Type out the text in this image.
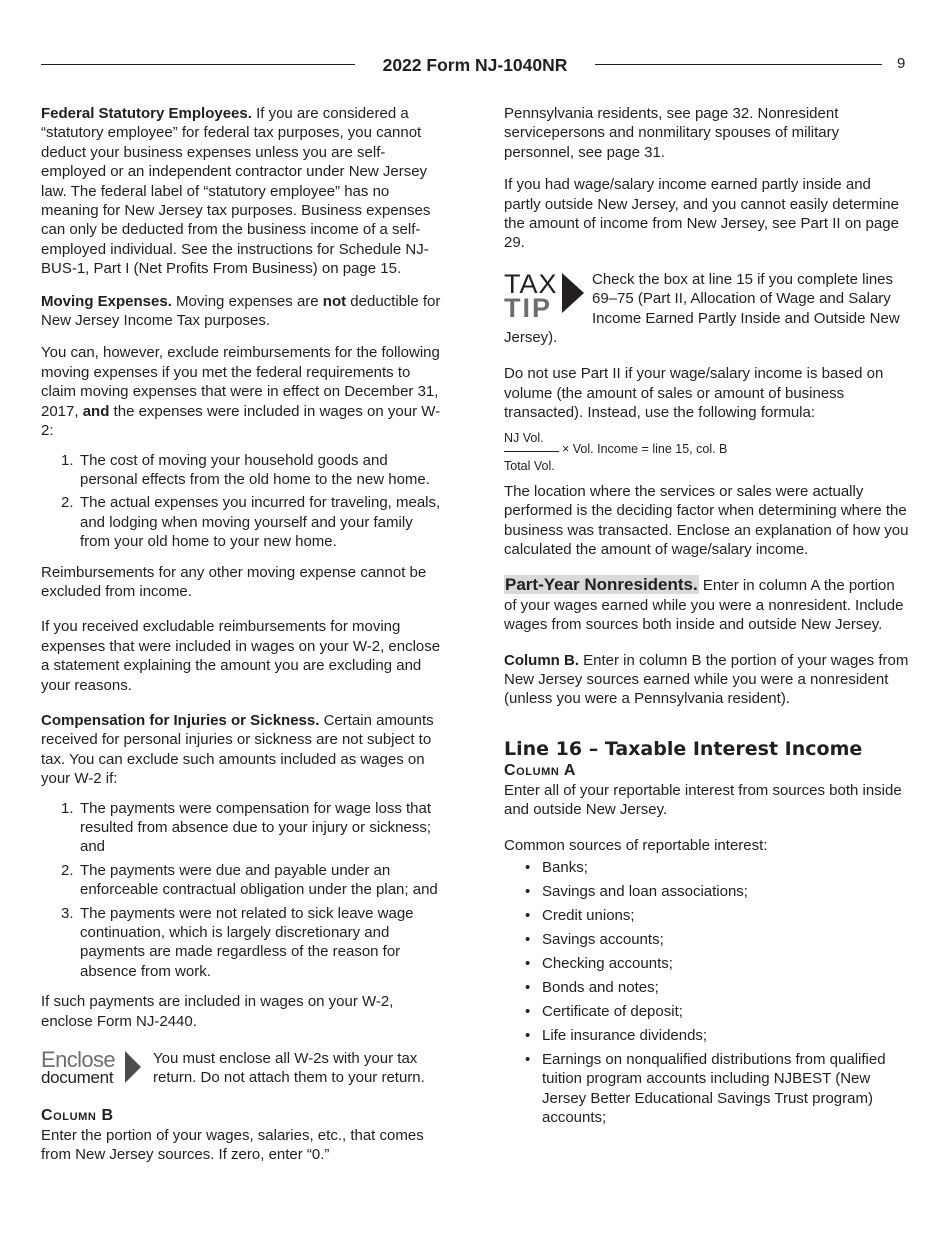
2022 Form NJ-1040NR	9

Federal Statutory Employees. If you are considered a “statutory employee” for federal tax purposes, you cannot deduct your business expenses unless you are self-employed or an independent contractor under New Jersey law. The federal label of “statutory employee” has no meaning for New Jersey tax purposes. Business expenses can only be deducted from the business income of a self-employed individual. See the instructions for Schedule NJ-BUS-1, Part I (Net Profits From Business) on page 15.

Moving Expenses. Moving expenses are not deductible for New Jersey Income Tax purposes.

You can, however, exclude reimbursements for the following moving expenses if you met the federal requirements to claim moving expenses that were in effect on December 31, 2017, and the expenses were included in wages on your W-2:

1. The cost of moving your household goods and personal effects from the old home to the new home.
2. The actual expenses you incurred for traveling, meals, and lodging when moving yourself and your family from your old home to your new home.

Reimbursements for any other moving expense cannot be excluded from income.

If you received excludable reimbursements for moving expenses that were included in wages on your W-2, enclose a statement explaining the amount you are excluding and your reasons.

Compensation for Injuries or Sickness. Certain amounts received for personal injuries or sickness are not subject to tax. You can exclude such amounts included as wages on your W-2 if:

1. The payments were compensation for wage loss that resulted from absence due to your injury or sickness; and
2. The payments were due and payable under an enforceable contractual obligation under the plan; and
3. The payments were not related to sick leave wage continuation, which is largely discretionary and payments are made regardless of the reason for absence from work.

If such payments are included in wages on your W-2, enclose Form NJ-2440.

Enclose
document
You must enclose all W-2s with your tax return. Do not attach them to your return.
Column B

Enter the portion of your wages, salaries, etc., that comes from New Jersey sources. If zero, enter “0.”

Pennsylvania residents, see page 32. Nonresident servicepersons and nonmilitary spouses of military personnel, see page 31.

If you had wage/salary income earned partly inside and partly outside New Jersey, and you cannot easily determine the amount of income from New Jersey, see Part II on page 29.

TAX
TIP
Check the box at line 15 if you complete lines 69–75 (Part II, Allocation of Wage and Salary Income Earned Partly Inside and Outside New Jersey).

Do not use Part II if your wage/salary income is based on volume (the amount of sales or amount of business transacted). Instead, use the following formula:

NJ Vol.
Total Vol.
× Vol. Income = line 15, col. B

The location where the services or sales were actually performed is the deciding factor when determining where the business was transacted. Enclose an explanation of how you calculated the amount of wage/salary income.

Part-Year Nonresidents. Enter in column A the portion of your wages earned while you were a nonresident. Include wages from sources both inside and outside New Jersey.

Column B. Enter in column B the portion of your wages from New Jersey sources earned while you were a nonresident (unless you were a Pennsylvania resident).

Line 16 – Taxable Interest Income
Column A

Enter all of your reportable interest from sources both inside and outside New Jersey.

Common sources of reportable interest:

• Banks;
• Savings and loan associations;
• Credit unions;
• Savings accounts;
• Checking accounts;
• Bonds and notes;
• Certificate of deposit;
• Life insurance dividends;
• Earnings on nonqualified distributions from qualified tuition program accounts including NJBEST (New Jersey Better Educational Savings Trust program) accounts;
